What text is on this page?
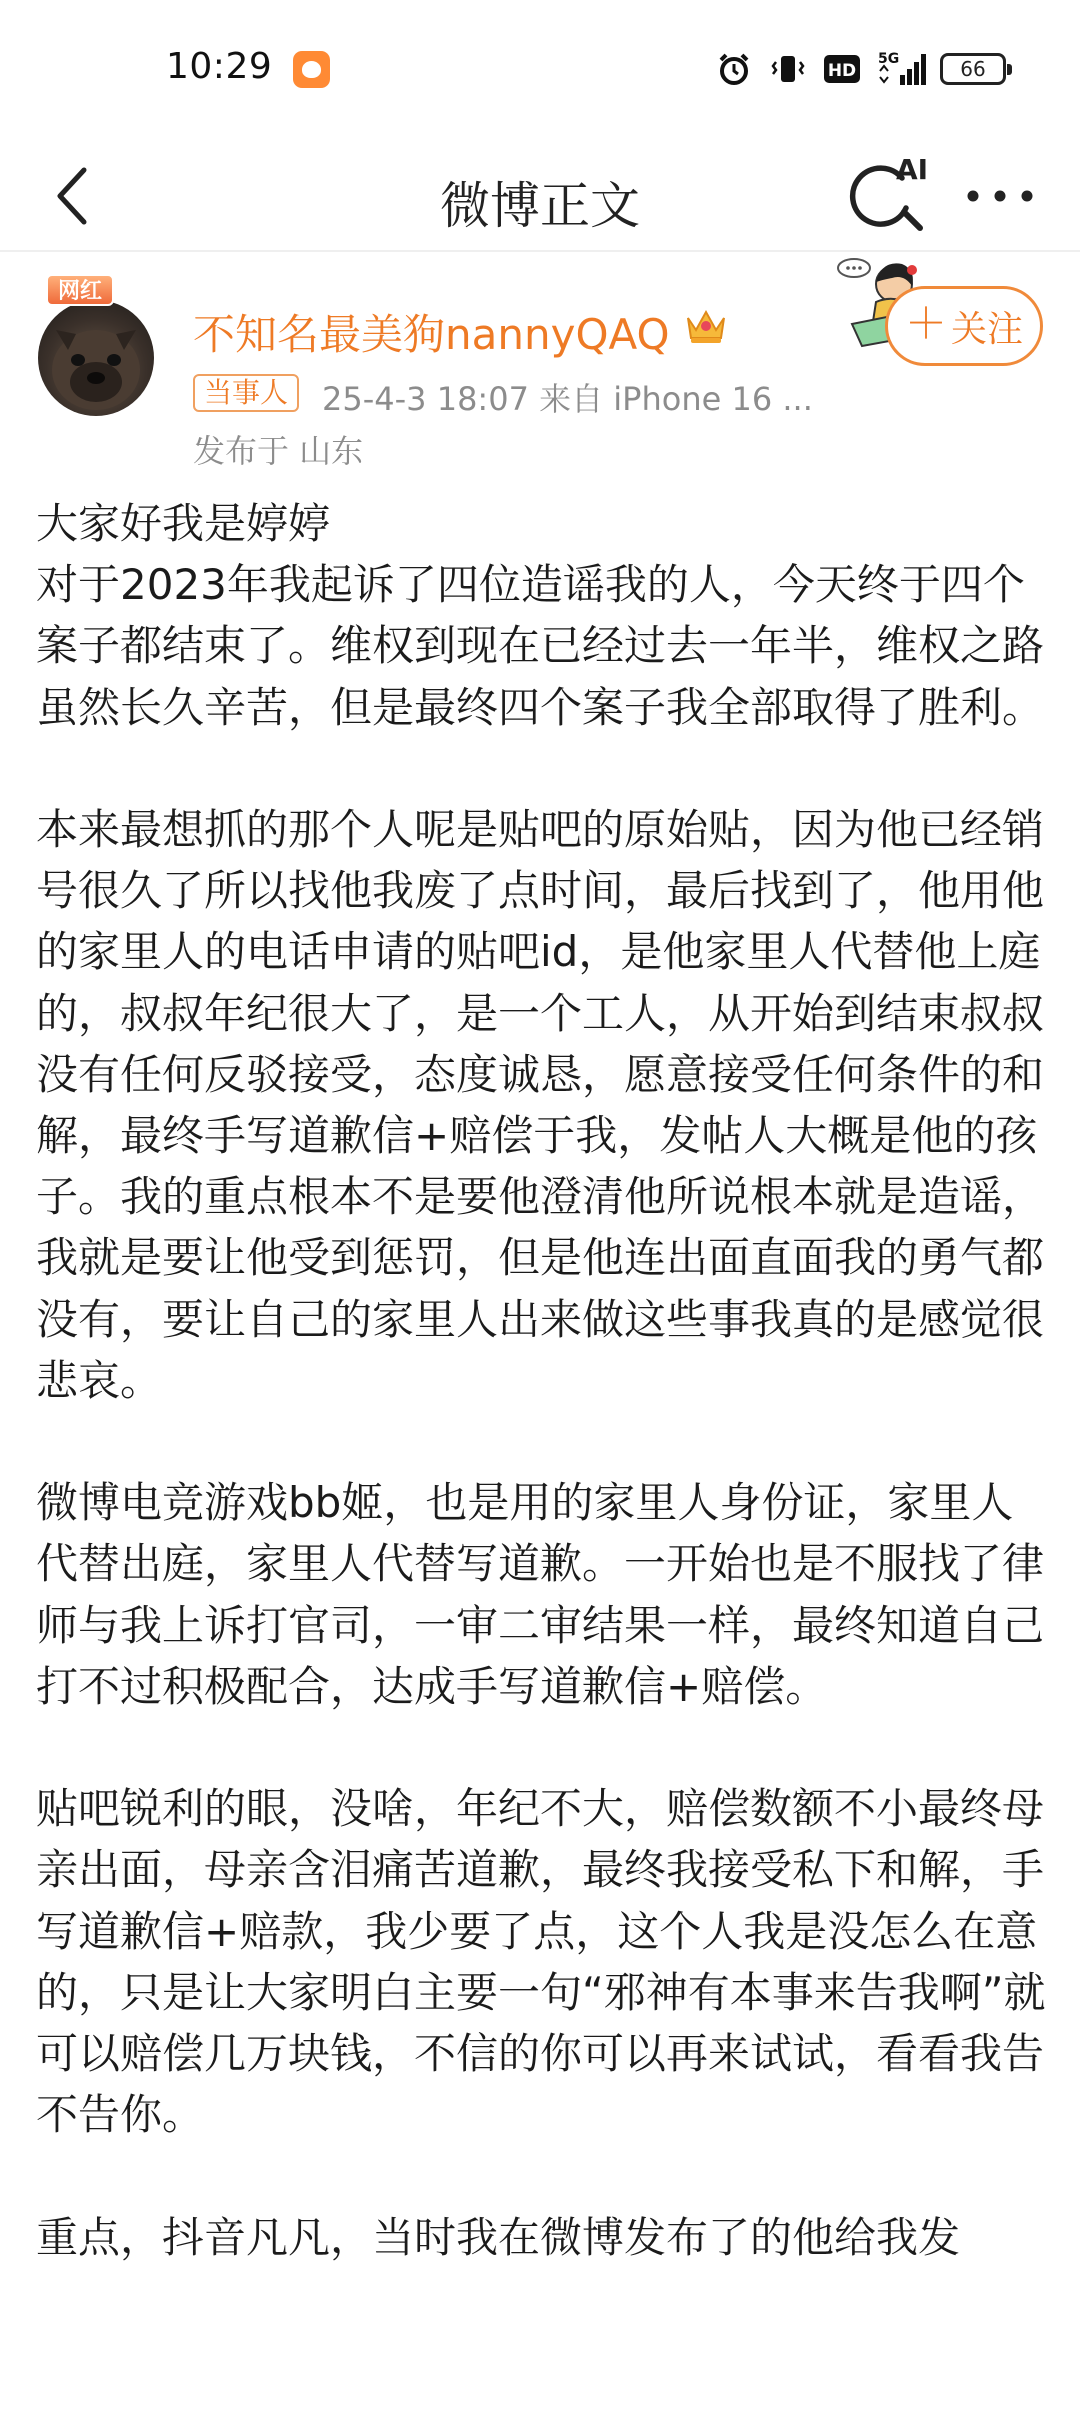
10:29	HD
5G	66
微博正文
AI
网红
不知名最美狗nannyQAQ
当事人	25-4-3 18:07 来自 iPhone 16 ...
发布于 山东
＋ 关注

大家好我是婷婷
对于2023年我起诉了四位造谣我的人，今天终于四个案子都结束了。维权到现在已经过去一年半，维权之路虽然长久辛苦，但是最终四个案子我全部取得了胜利。

本来最想抓的那个人呢是贴吧的原始贴，因为他已经销号很久了所以找他我废了点时间，最后找到了，他用他的家里人的电话申请的贴吧id，是他家里人代替他上庭的，叔叔年纪很大了，是一个工人，从开始到结束叔叔没有任何反驳接受，态度诚恳，愿意接受任何条件的和解，最终手写道歉信+赔偿于我，发帖人大概是他的孩子。我的重点根本不是要他澄清他所说根本就是造谣，我就是要让他受到惩罚，但是他连出面直面我的勇气都没有，要让自己的家里人出来做这些事我真的是感觉很悲哀。

微博电竞游戏bb姬，也是用的家里人身份证，家里人代替出庭，家里人代替写道歉。一开始也是不服找了律师与我上诉打官司，一审二审结果一样，最终知道自己打不过积极配合，达成手写道歉信+赔偿。

贴吧锐利的眼，没啥，年纪不大，赔偿数额不小最终母亲出面，母亲含泪痛苦道歉，最终我接受私下和解，手写道歉信+赔款，我少要了点，这个人我是没怎么在意的，只是让大家明白主要一句“邪神有本事来告我啊”就可以赔偿几万块钱，不信的你可以再来试试，看看我告不告你。

重点，抖音凡凡，当时我在微博发布了的他给我发
